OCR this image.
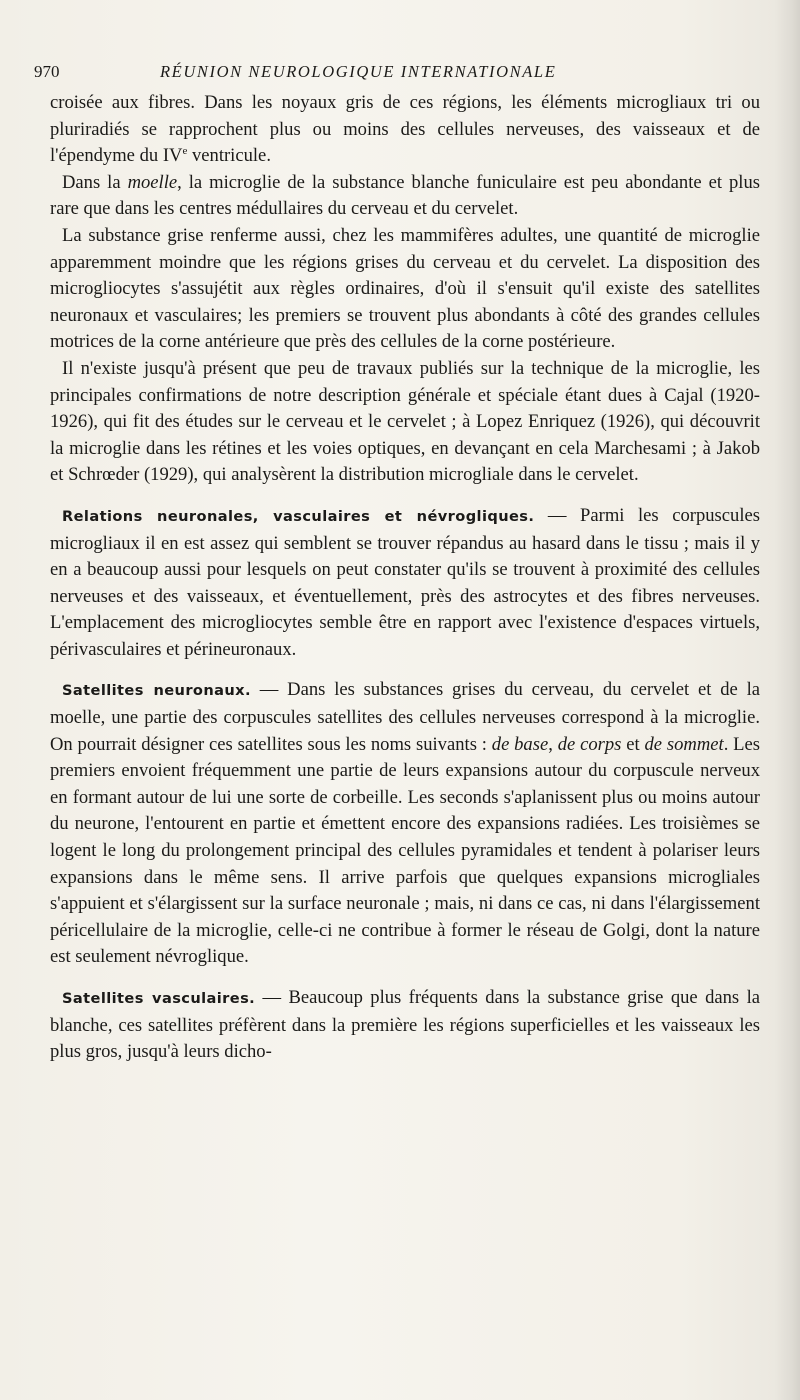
970	RÉUNION NEUROLOGIQUE INTERNATIONALE

croisée aux fibres. Dans les noyaux gris de ces régions, les éléments microgliaux tri ou pluriradiés se rapprochent plus ou moins des cellules nerveuses, des vaisseaux et de l'épendyme du IVe ventricule.

Dans la moelle, la microglie de la substance blanche funiculaire est peu abondante et plus rare que dans les centres médullaires du cerveau et du cervelet.

La substance grise renferme aussi, chez les mammifères adultes, une quantité de microglie apparemment moindre que les régions grises du cerveau et du cervelet. La disposition des microgliocytes s'assujétit aux règles ordinaires, d'où il s'ensuit qu'il existe des satellites neuronaux et vasculaires; les premiers se trouvent plus abondants à côté des grandes cellules motrices de la corne antérieure que près des cellules de la corne postérieure.

Il n'existe jusqu'à présent que peu de travaux publiés sur la technique de la microglie, les principales confirmations de notre description générale et spéciale étant dues à Cajal (1920-1926), qui fit des études sur le cerveau et le cervelet ; à Lopez Enriquez (1926), qui découvrit la microglie dans les rétines et les voies optiques, en devançant en cela Marchesami ; à Jakob et Schrœder (1929), qui analysèrent la distribution microgliale dans le cervelet.

Relations neuronales, vasculaires et névrogliques. — Parmi les corpuscules microgliaux il en est assez qui semblent se trouver répandus au hasard dans le tissu ; mais il y en a beaucoup aussi pour lesquels on peut constater qu'ils se trouvent à proximité des cellules nerveuses et des vaisseaux, et éventuellement, près des astrocytes et des fibres nerveuses. L'emplacement des microgliocytes semble être en rapport avec l'existence d'espaces virtuels, périvasculaires et périneuronaux.

Satellites neuronaux. — Dans les substances grises du cerveau, du cervelet et de la moelle, une partie des corpuscules satellites des cellules nerveuses correspond à la microglie. On pourrait désigner ces satellites sous les noms suivants : de base, de corps et de sommet. Les premiers envoient fréquemment une partie de leurs expansions autour du corpuscule nerveux en formant autour de lui une sorte de corbeille. Les seconds s'aplanissent plus ou moins autour du neurone, l'entourent en partie et émettent encore des expansions radiées. Les troisièmes se logent le long du prolongement principal des cellules pyramidales et tendent à polariser leurs expansions dans le même sens. Il arrive parfois que quelques expansions microgliales s'appuient et s'élargissent sur la surface neuronale ; mais, ni dans ce cas, ni dans l'élargissement péricellulaire de la microglie, celle-ci ne contribue à former le réseau de Golgi, dont la nature est seulement névroglique.

Satellites vasculaires. — Beaucoup plus fréquents dans la substance grise que dans la blanche, ces satellites préfèrent dans la première les régions superficielles et les vaisseaux les plus gros, jusqu'à leurs dicho-
